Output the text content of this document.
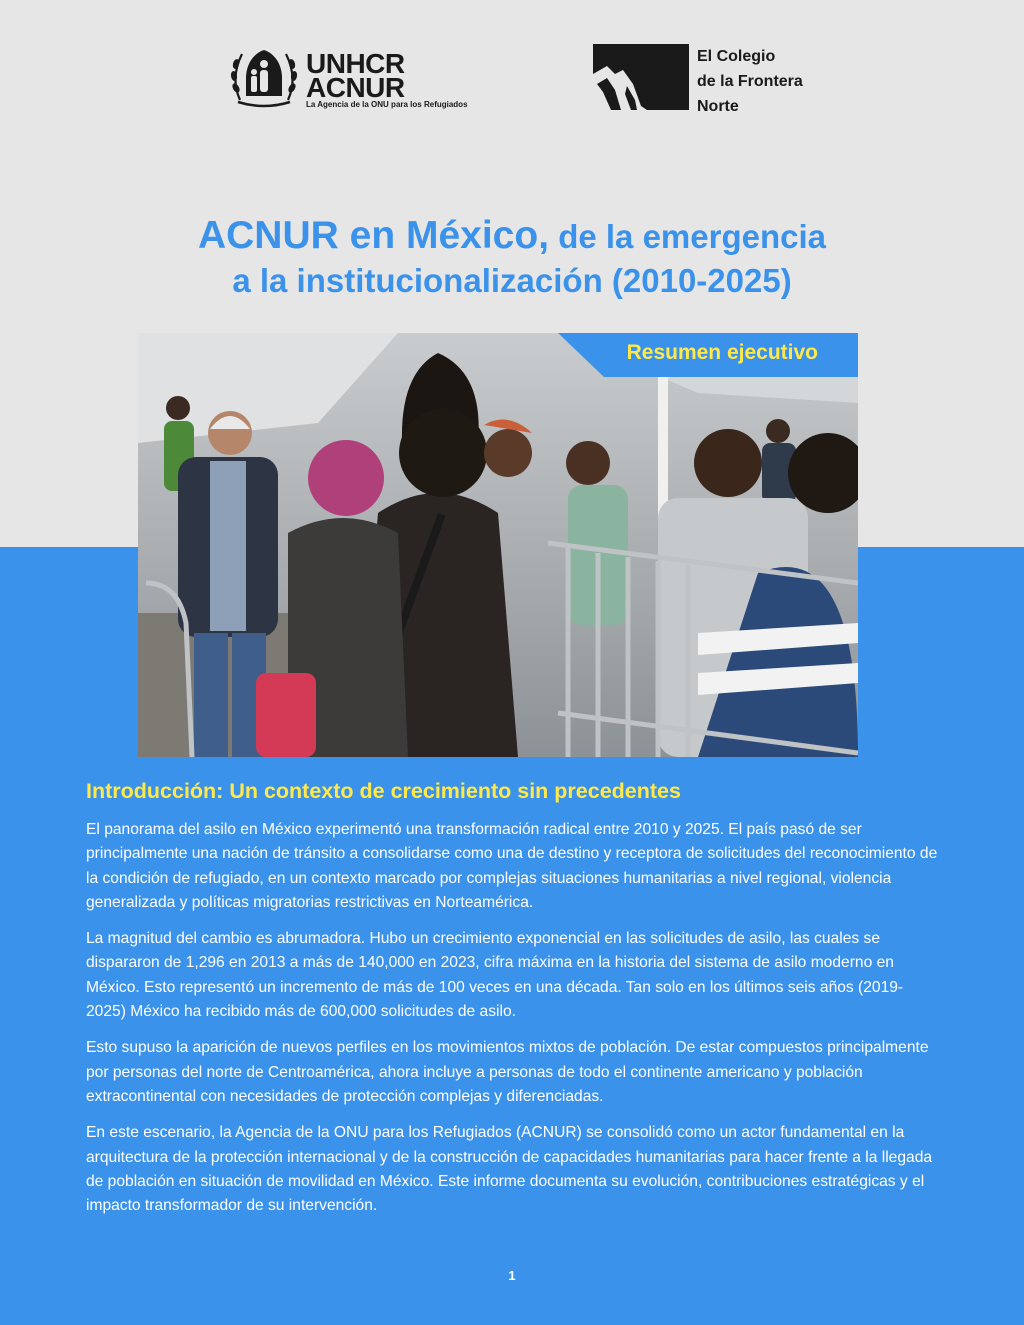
UNHCR
ACNUR
La Agencia de la ONU para los Refugiados
El Colegio
de la Frontera
Norte
ACNUR en México, de la emergencia
a la institucionalización (2010-2025)
Resumen ejecutivo
Introducción: Un contexto de crecimiento sin precedentes

El panorama del asilo en México experimentó una transformación radical entre 2010 y 2025. El país pasó de ser principalmente una nación de tránsito a consolidarse como una de destino y receptora de solicitudes del reconocimiento de la condición de refugiado, en un contexto marcado por complejas situaciones humanitarias a nivel regional, violencia generalizada y políticas migratorias restrictivas en Norteamérica.

La magnitud del cambio es abrumadora. Hubo un crecimiento exponencial en las solicitudes de asilo, las cuales se dispararon de 1,296 en 2013 a más de 140,000 en 2023, cifra máxima en la historia del sistema de asilo moderno en México. Esto representó un incremento de más de 100 veces en una década. Tan solo en los últimos seis años (2019-2025) México ha recibido más de 600,000 solicitudes de asilo.

Esto supuso la aparición de nuevos perfiles en los movimientos mixtos de población. De estar compuestos principalmente por personas del norte de Centroamérica, ahora incluye a personas de todo el continente americano y población extracontinental con necesidades de protección complejas y diferenciadas.

En este escenario, la Agencia de la ONU para los Refugiados (ACNUR) se consolidó como un actor fundamental en la arquitectura de la protección internacional y de la construcción de capacidades humanitarias para hacer frente a la llegada de población en situación de movilidad en México. Este informe documenta su evolución, contribuciones estratégicas y el impacto transformador de su intervención.

1
